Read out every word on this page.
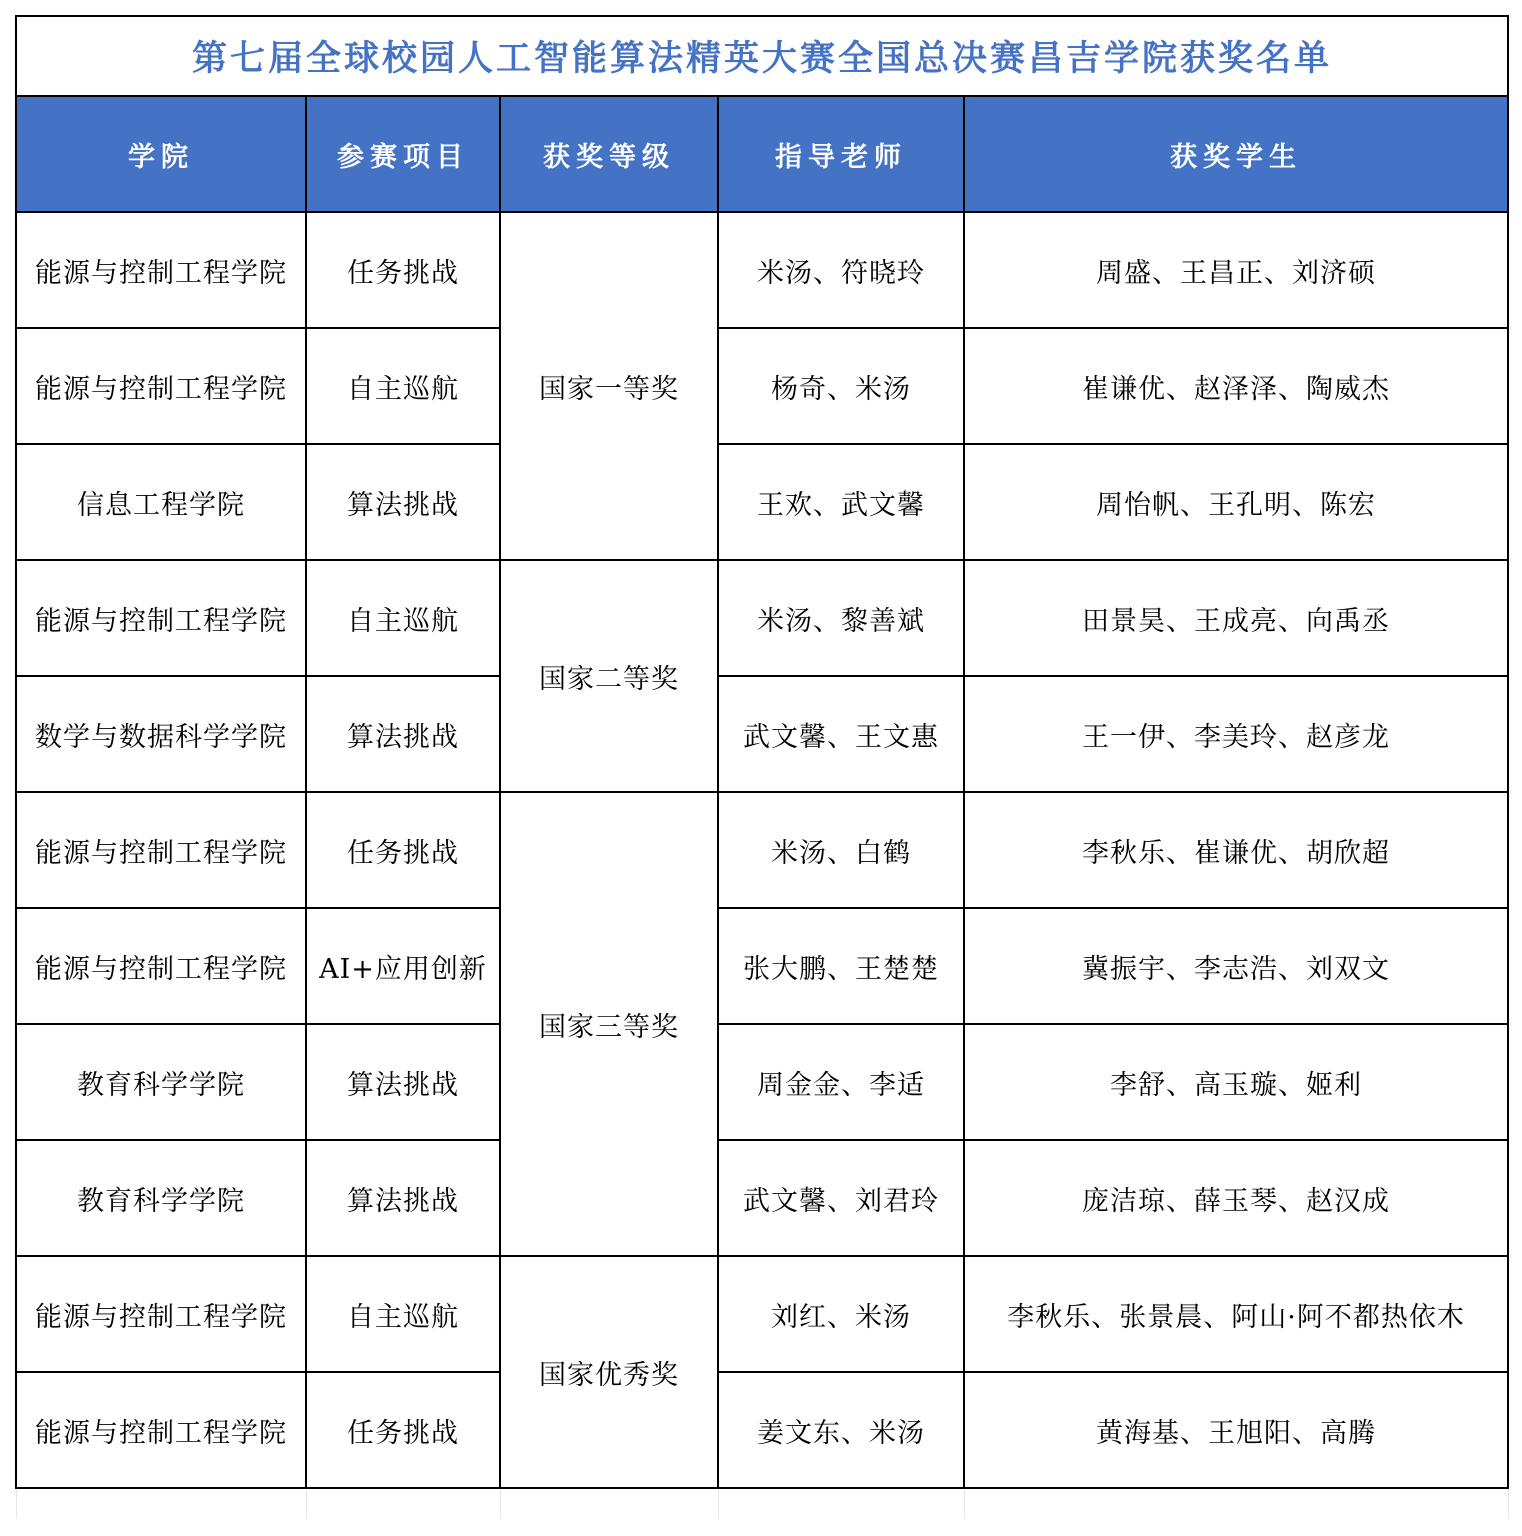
第七届全球校园人工智能算法精英大赛全国总决赛昌吉学院获奖名单				
学院	参赛项目	获奖等级	指导老师	获奖学生
能源与控制工程学院	任务挑战	国家一等奖	米汤、符晓玲	周盛、王昌正、刘济硕
能源与控制工程学院	自主巡航		杨奇、米汤	崔谦优、赵泽泽、陶威杰
信息工程学院	算法挑战		王欢、武文馨	周怡帆、王孔明、陈宏
能源与控制工程学院	自主巡航	国家二等奖	米汤、黎善斌	田景昊、王成亮、向禹丞
数学与数据科学学院	算法挑战		武文馨、王文惠	王一伊、李美玲、赵彦龙
能源与控制工程学院	任务挑战	国家三等奖	米汤、白鹤	李秋乐、崔谦优、胡欣超
能源与控制工程学院	AI+应用创新		张大鹏、王楚楚	冀振宇、李志浩、刘双文
教育科学学院	算法挑战		周金金、李适	李舒、高玉璇、姬利
教育科学学院	算法挑战		武文馨、刘君玲	庞洁琼、薛玉琴、赵汉成
能源与控制工程学院	自主巡航	国家优秀奖	刘红、米汤	李秋乐、张景晨、阿山·阿不都热依木
能源与控制工程学院	任务挑战		姜文东、米汤	黄海基、王旭阳、高腾
